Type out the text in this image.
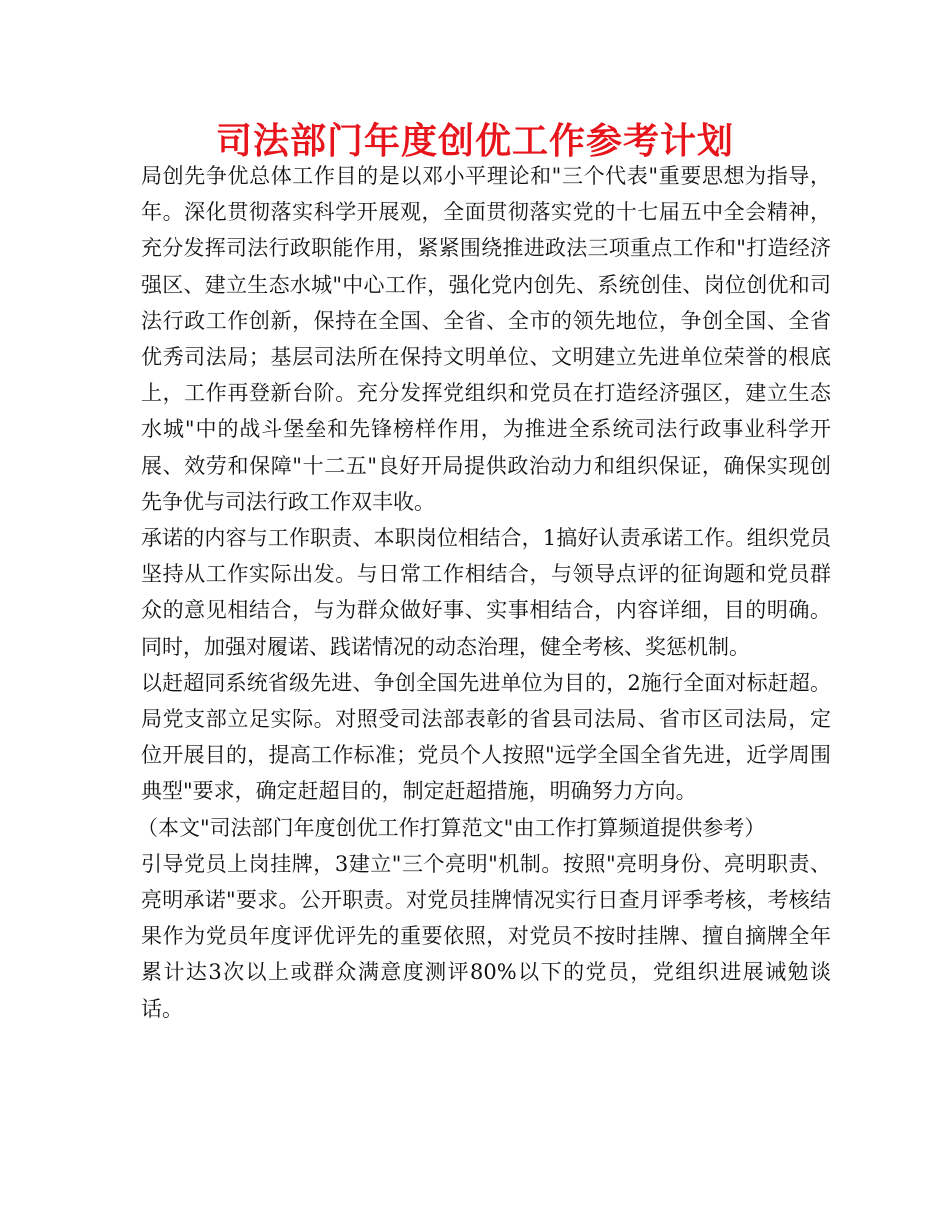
司法部门年度创优工作参考计划

局创先争优总体工作目的是以邓小平理论和"三个代表"重要思想为指导，年。深化贯彻落实科学开展观，全面贯彻落实党的十七届五中全会精神，充分发挥司法行政职能作用，紧紧围绕推进政法三项重点工作和"打造经济强区、建立生态水城"中心工作，强化党内创先、系统创佳、岗位创优和司法行政工作创新，保持在全国、全省、全市的领先地位，争创全国、全省优秀司法局；基层司法所在保持文明单位、文明建立先进单位荣誉的根底上，工作再登新台阶。充分发挥党组织和党员在打造经济强区，建立生态水城"中的战斗堡垒和先锋榜样作用，为推进全系统司法行政事业科学开展、效劳和保障"十二五"良好开局提供政治动力和组织保证，确保实现创先争优与司法行政工作双丰收。

承诺的内容与工作职责、本职岗位相结合，1搞好认责承诺工作。组织党员坚持从工作实际出发。与日常工作相结合，与领导点评的征询题和党员群众的意见相结合，与为群众做好事、实事相结合，内容详细，目的明确。同时，加强对履诺、践诺情况的动态治理，健全考核、奖惩机制。

以赶超同系统省级先进、争创全国先进单位为目的，2施行全面对标赶超。局党支部立足实际。对照受司法部表彰的省县司法局、省市区司法局，定位开展目的，提高工作标准；党员个人按照"远学全国全省先进，近学周围典型"要求，确定赶超目的，制定赶超措施，明确努力方向。

（本文"司法部门年度创优工作打算范文"由工作打算频道提供参考）

引导党员上岗挂牌，3建立"三个亮明"机制。按照"亮明身份、亮明职责、亮明承诺"要求。公开职责。对党员挂牌情况实行日查月评季考核，考核结果作为党员年度评优评先的重要依照，对党员不按时挂牌、擅自摘牌全年累计达3次以上或群众满意度测评80%以下的党员，党组织进展诫勉谈话。
